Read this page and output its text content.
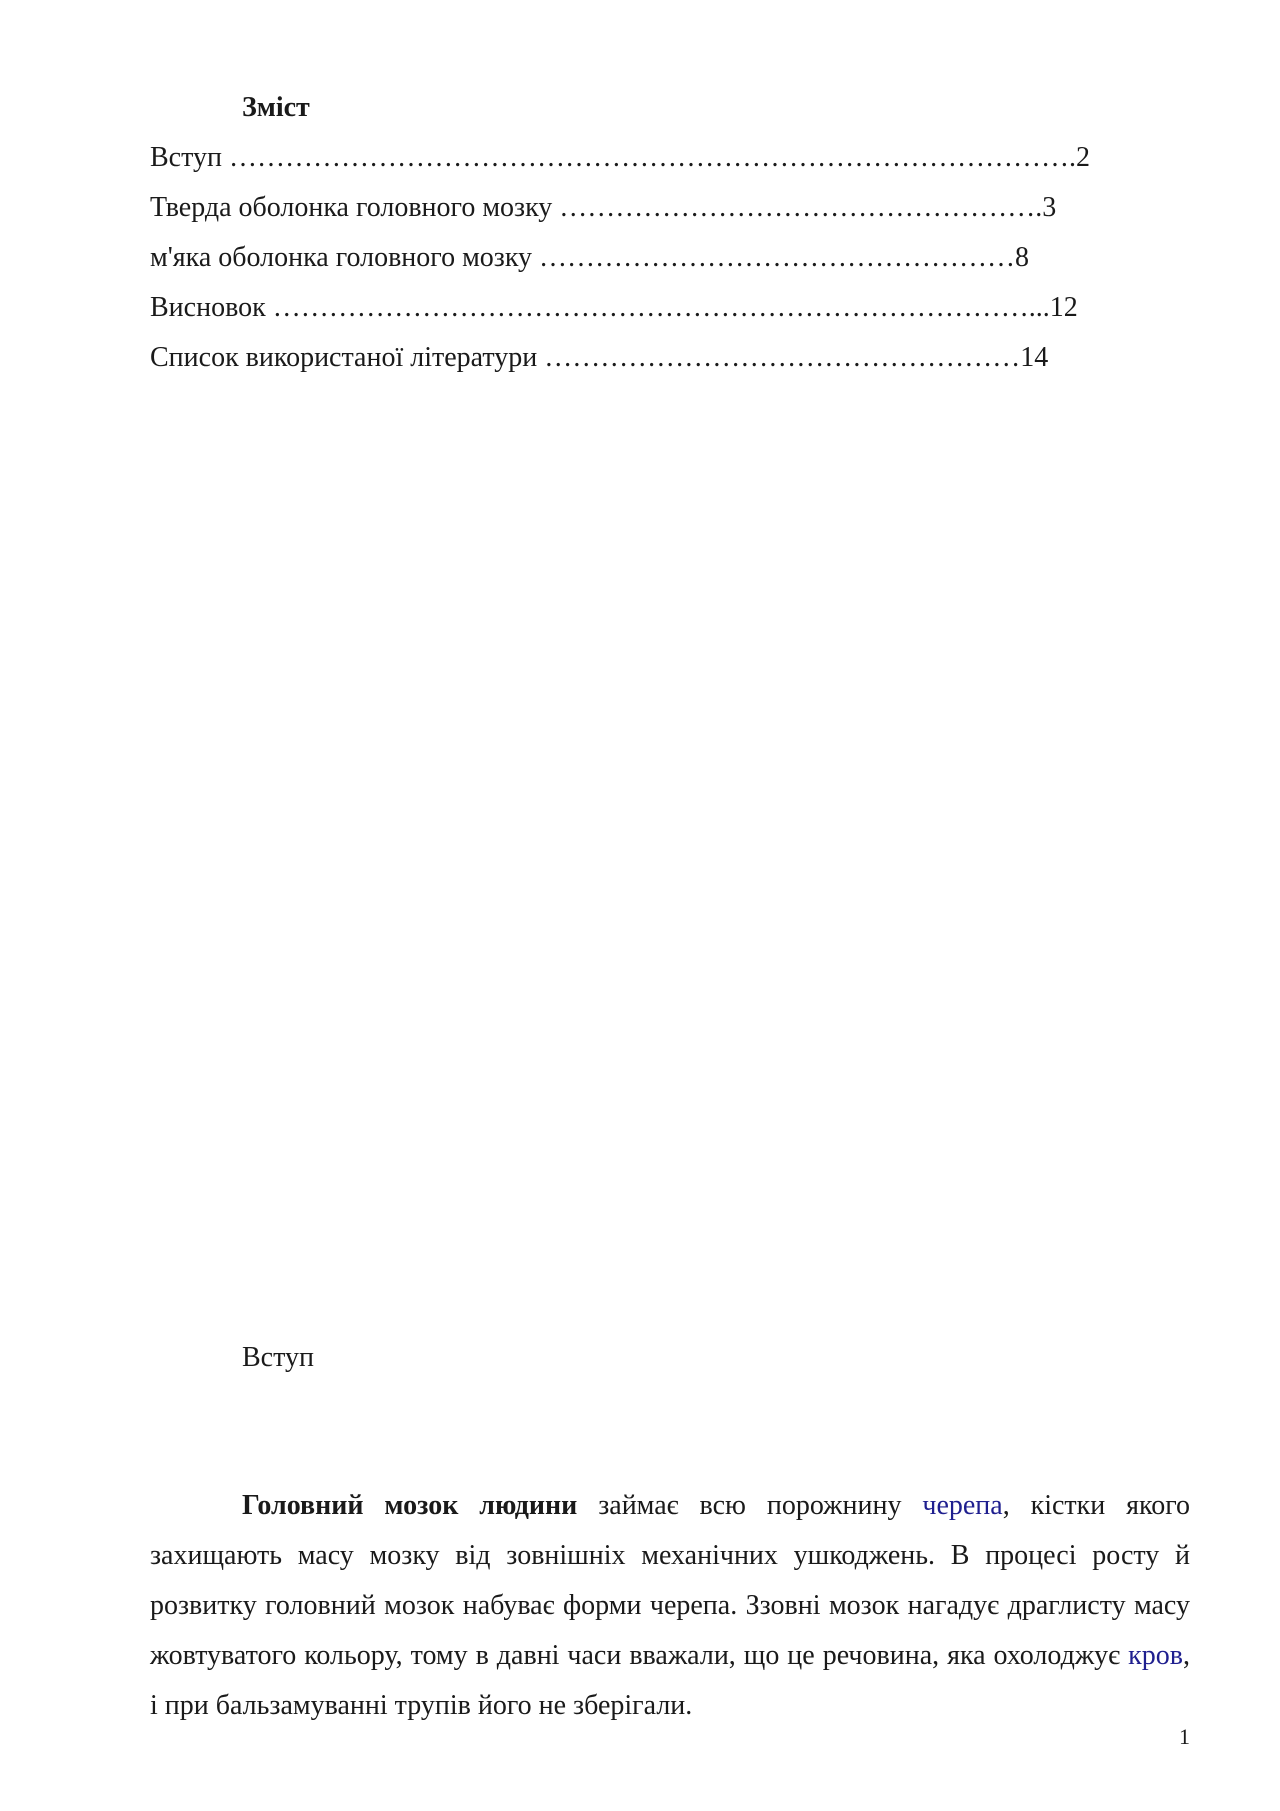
Зміст
Вступ ……………………………………………………………………………….2
Тверда оболонка головного мозку …………………………………………….3
м'яка оболонка головного мозку ……………………………………………8
Висновок ………………………………………………………………………...12
Список використаної літератури ……………………………………………14
Вступ

Головний мозок людини займає всю порожнину черепа, кістки якого захищають масу мозку від зовнішніх механічних ушкоджень. В процесі росту й розвитку головний мозок набуває форми черепа. Ззовні мозок нагадує драглисту масу жовтуватого кольору, тому в давні часи вважали, що це речовина, яка охолоджує кров, і при бальзамуванні трупів його не зберігали.

1
